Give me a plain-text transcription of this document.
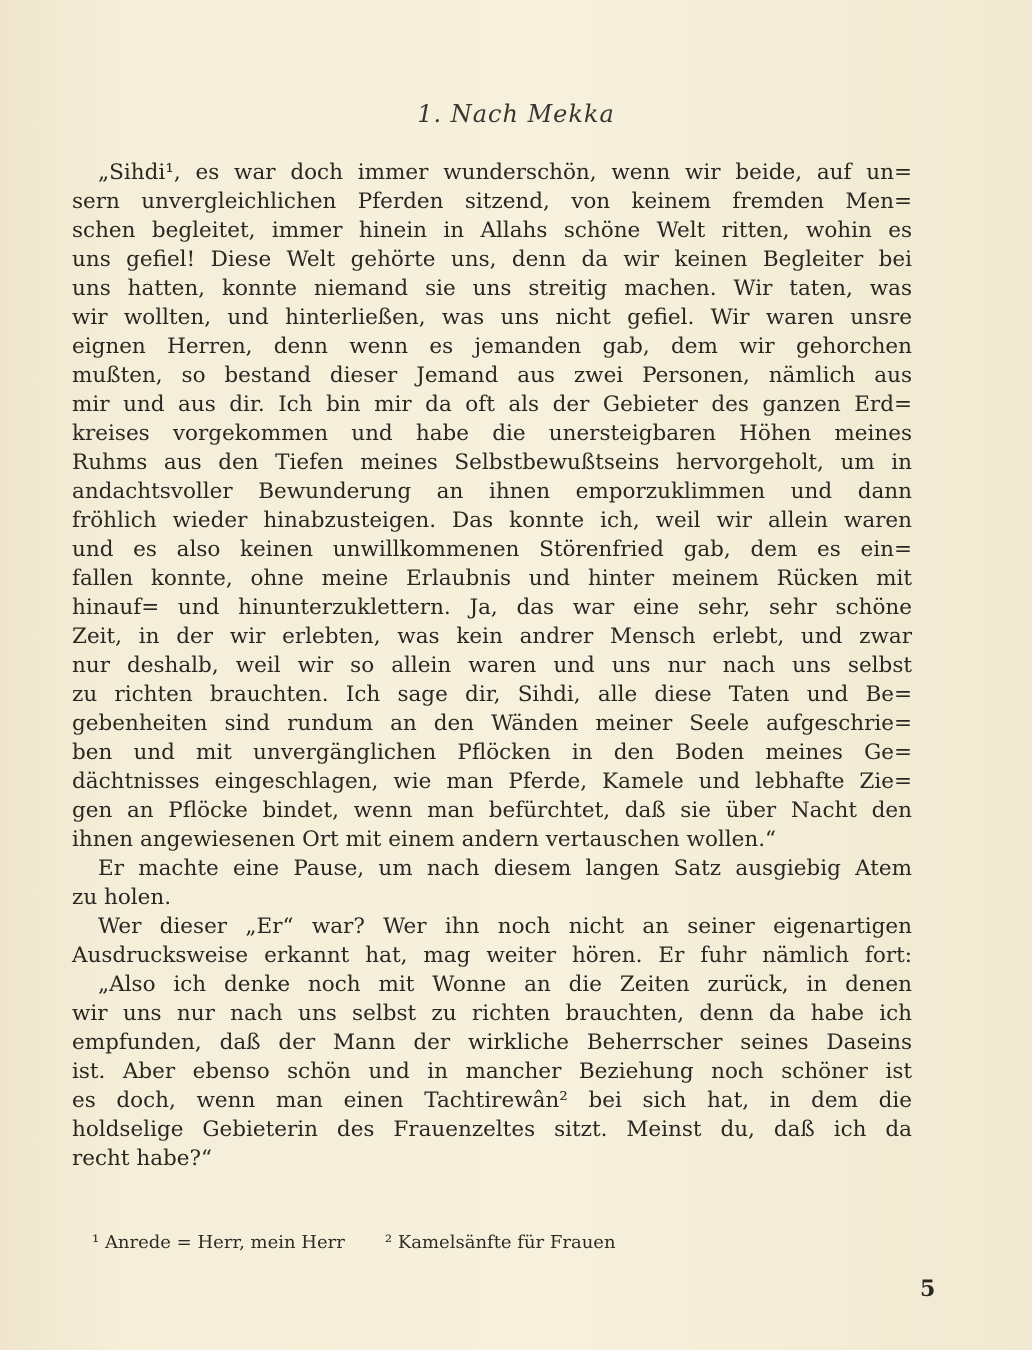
1. Nach Mekka
„Sihdi¹, es war doch immer wunderschön, wenn wir beide, auf un=
sern unvergleichlichen Pferden sitzend, von keinem fremden Men=
schen begleitet, immer hinein in Allahs schöne Welt ritten, wohin es
uns gefiel! Diese Welt gehörte uns, denn da wir keinen Begleiter bei
uns hatten, konnte niemand sie uns streitig machen. Wir taten, was
wir wollten, und hinterließen, was uns nicht gefiel. Wir waren unsre
eignen Herren, denn wenn es jemanden gab, dem wir gehorchen
mußten, so bestand dieser Jemand aus zwei Personen, nämlich aus
mir und aus dir. Ich bin mir da oft als der Gebieter des ganzen Erd=
kreises vorgekommen und habe die unersteigbaren Höhen meines
Ruhms aus den Tiefen meines Selbstbewußtseins hervorgeholt, um in
andachtsvoller Bewunderung an ihnen emporzuklimmen und dann
fröhlich wieder hinabzusteigen. Das konnte ich, weil wir allein waren
und es also keinen unwillkommenen Störenfried gab, dem es ein=
fallen konnte, ohne meine Erlaubnis und hinter meinem Rücken mit
hinauf= und hinunterzuklettern. Ja, das war eine sehr, sehr schöne
Zeit, in der wir erlebten, was kein andrer Mensch erlebt, und zwar
nur deshalb, weil wir so allein waren und uns nur nach uns selbst
zu richten brauchten. Ich sage dir, Sihdi, alle diese Taten und Be=
gebenheiten sind rundum an den Wänden meiner Seele aufgeschrie=
ben und mit unvergänglichen Pflöcken in den Boden meines Ge=
dächtnisses eingeschlagen, wie man Pferde, Kamele und lebhafte Zie=
gen an Pflöcke bindet, wenn man befürchtet, daß sie über Nacht den
ihnen angewiesenen Ort mit einem andern vertauschen wollen.“
Er machte eine Pause, um nach diesem langen Satz ausgiebig Atem
zu holen.
Wer dieser „Er“ war? Wer ihn noch nicht an seiner eigenartigen
Ausdrucksweise erkannt hat, mag weiter hören. Er fuhr nämlich fort:
„Also ich denke noch mit Wonne an die Zeiten zurück, in denen
wir uns nur nach uns selbst zu richten brauchten, denn da habe ich
empfunden, daß der Mann der wirkliche Beherrscher seines Daseins
ist. Aber ebenso schön und in mancher Beziehung noch schöner ist
es doch, wenn man einen Tachtirewân² bei sich hat, in dem die
holdselige Gebieterin des Frauenzeltes sitzt. Meinst du, daß ich da
recht habe?“
¹ Anrede = Herr, mein Herr ² Kamelsänfte für Frauen
5
